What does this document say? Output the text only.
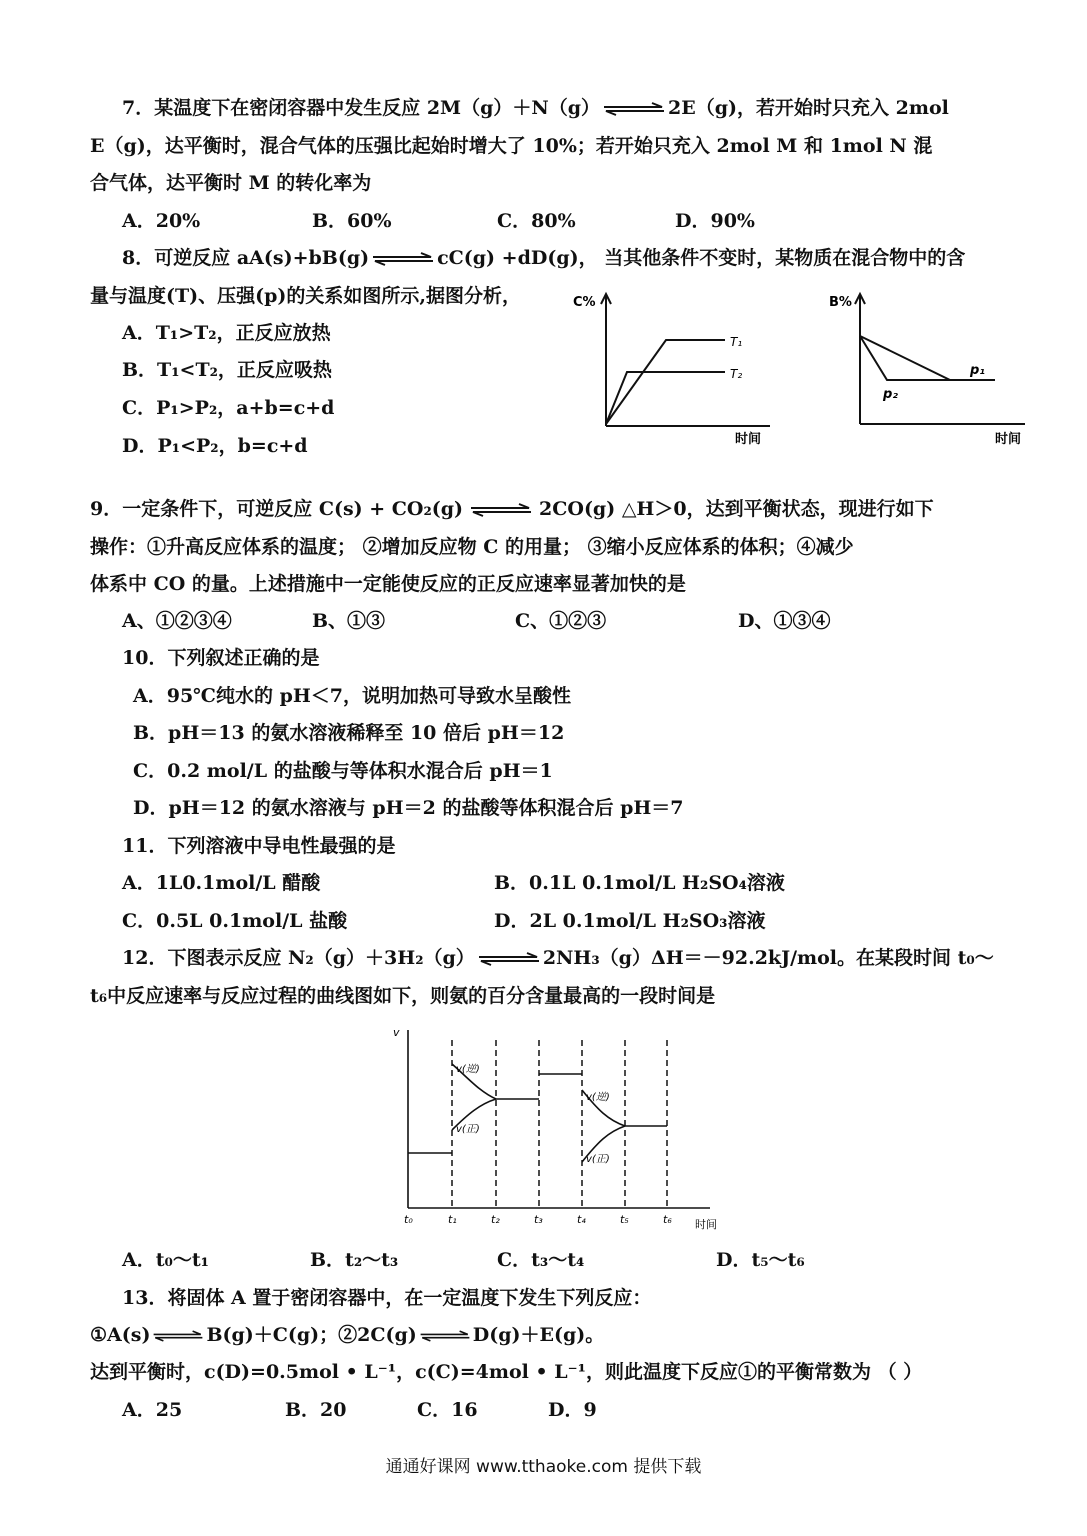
7．某温度下在密闭容器中发生反应 2M（g）＋N（g） ⇌ 2E（g)，若开始时只充入 2mol
E（g)，达平衡时，混合气体的压强比起始时增大了 10%；若开始只充入 2mol M 和 1mol N 混
合气体，达平衡时 M 的转化率为
A．20%	B．60%	C．80%	D．90%
8．可逆反应 aA(s)+bB(g) ⇌ cC(g) +dD(g)， 当其他条件不变时，某物质在混合物中的含
量与温度(T)、压强(p)的关系如图所示,据图分析，
A．T₁>T₂，正反应放热
B．T₁<T₂，正反应吸热
C．P₁>P₂，a+b=c+d
D．P₁<P₂，b=c+d
C%
T₁
T₂
时间
B%
p₁
p₂
时间
9．一定条件下，可逆反应 C(s) + CO₂(g) ⇌ 2CO(g) △H＞0，达到平衡状态，现进行如下
操作：①升高反应体系的温度； ②增加反应物 C 的用量； ③缩小反应体系的体积；④减少
体系中 CO 的量。上述措施中一定能使反应的正反应速率显著加快的是
A、①②③④	B、①③	C、①②③	D、①③④
10．下列叙述正确的是
A．95℃纯水的 pH＜7，说明加热可导致水呈酸性
B．pH＝13 的氨水溶液稀释至 10 倍后 pH＝12
C．0.2 mol/L 的盐酸与等体积水混合后 pH＝1
D．pH＝12 的氨水溶液与 pH＝2 的盐酸等体积混合后 pH＝7
11．下列溶液中导电性最强的是
A．1L0.1mol/L 醋酸	B．0.1L 0.1mol/L H₂SO₄溶液
C．0.5L 0.1mol/L 盐酸	D．2L 0.1mol/L H₂SO₃溶液
12．下图表示反应 N₂（g）＋3H₂（g） ⇌ 2NH₃（g）ΔH＝－92.2kJ/mol。在某段时间 t₀～
t₆中反应速率与反应过程的曲线图如下，则氨的百分含量最高的一段时间是
v
v(逆)
v(正)
v(逆)
v(正)
t₀	t₁	t₂	t₃	t₄	t₅	t₆ 时间
A．t₀～t₁	B．t₂～t₃	C．t₃～t₄	D．t₅～t₆
13．将固体 A 置于密闭容器中，在一定温度下发生下列反应：
①A(s) ⇌ B(g)＋C(g)；②2C(g) ⇌ D(g)＋E(g)。
达到平衡时，c(D)=0.5mol • L⁻¹，c(C)=4mol • L⁻¹，则此温度下反应①的平衡常数为 （ ）
A．25	B．20	C．16	D．9
通通好课网 www.tthaoke.com 提供下载
